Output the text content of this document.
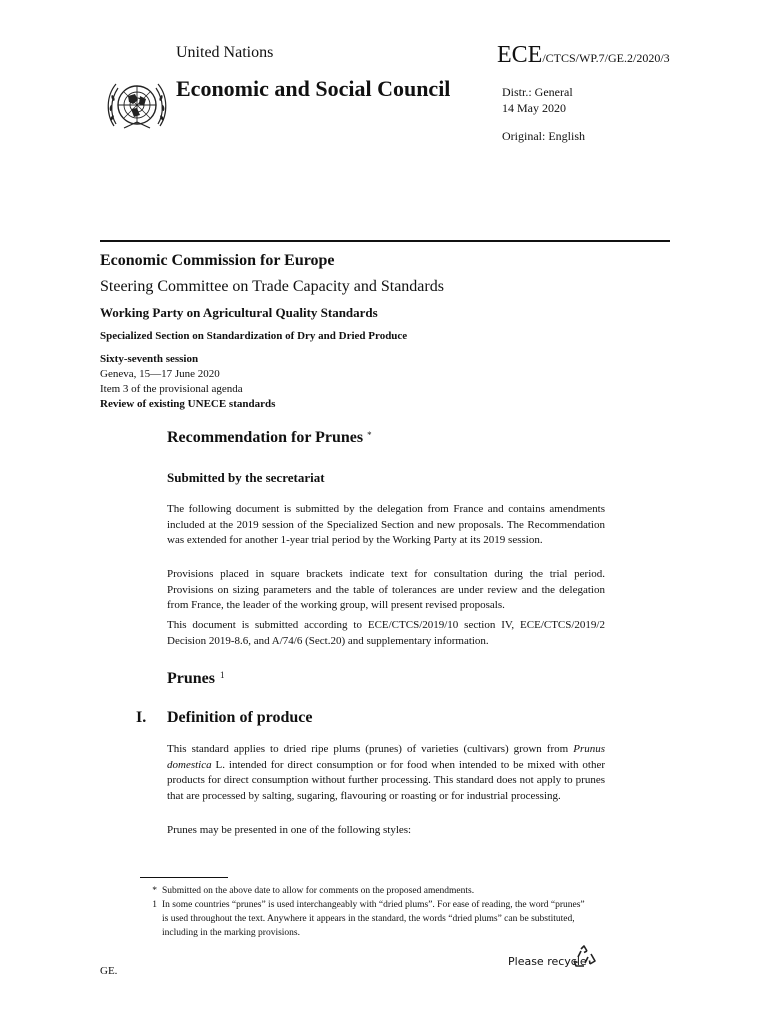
United Nations	ECE/CTCS/WP.7/GE.2/2020/3
Economic and Social Council	Distr.: General
14 May 2020
Original: English
Economic Commission for Europe
Steering Committee on Trade Capacity and Standards
Working Party on Agricultural Quality Standards
Specialized Section on Standardization of Dry and Dried Produce
Sixty-seventh session
Geneva, 15—17 June 2020
Item 3 of the provisional agenda
Review of existing UNECE standards
Recommendation for Prunes *
Submitted by the secretariat
The following document is submitted by the delegation from France and contains amendments included at the 2019 session of the Specialized Section and new proposals. The Recommendation was extended for another 1-year trial period by the Working Party at its 2019 session.
Provisions placed in square brackets indicate text for consultation during the trial period. Provisions on sizing parameters and the table of tolerances are under review and the delegation from France, the leader of the working group, will present revised proposals.
This document is submitted according to ECE/CTCS/2019/10 section IV, ECE/CTCS/2019/2 Decision 2019-8.6, and A/74/6 (Sect.20) and supplementary information.
Prunes $^1$
I. Definition of produce
This standard applies to dried ripe plums (prunes) of varieties (cultivars) grown from Prunus domestica L. intended for direct consumption or for food when intended to be mixed with other products for direct consumption without further processing. This standard does not apply to prunes that are processed by salting, sugaring, flavouring or roasting or for industrial processing.
Prunes may be presented in one of the following styles:
* Submitted on the above date to allow for comments on the proposed amendments.
1 In some countries “prunes” is used interchangeably with “dried plums”. For ease of reading, the word “prunes” is used throughout the text. Anywhere it appears in the standard, the words “dried plums” can be substituted, including in the marking provisions.
GE.
Please recycle
